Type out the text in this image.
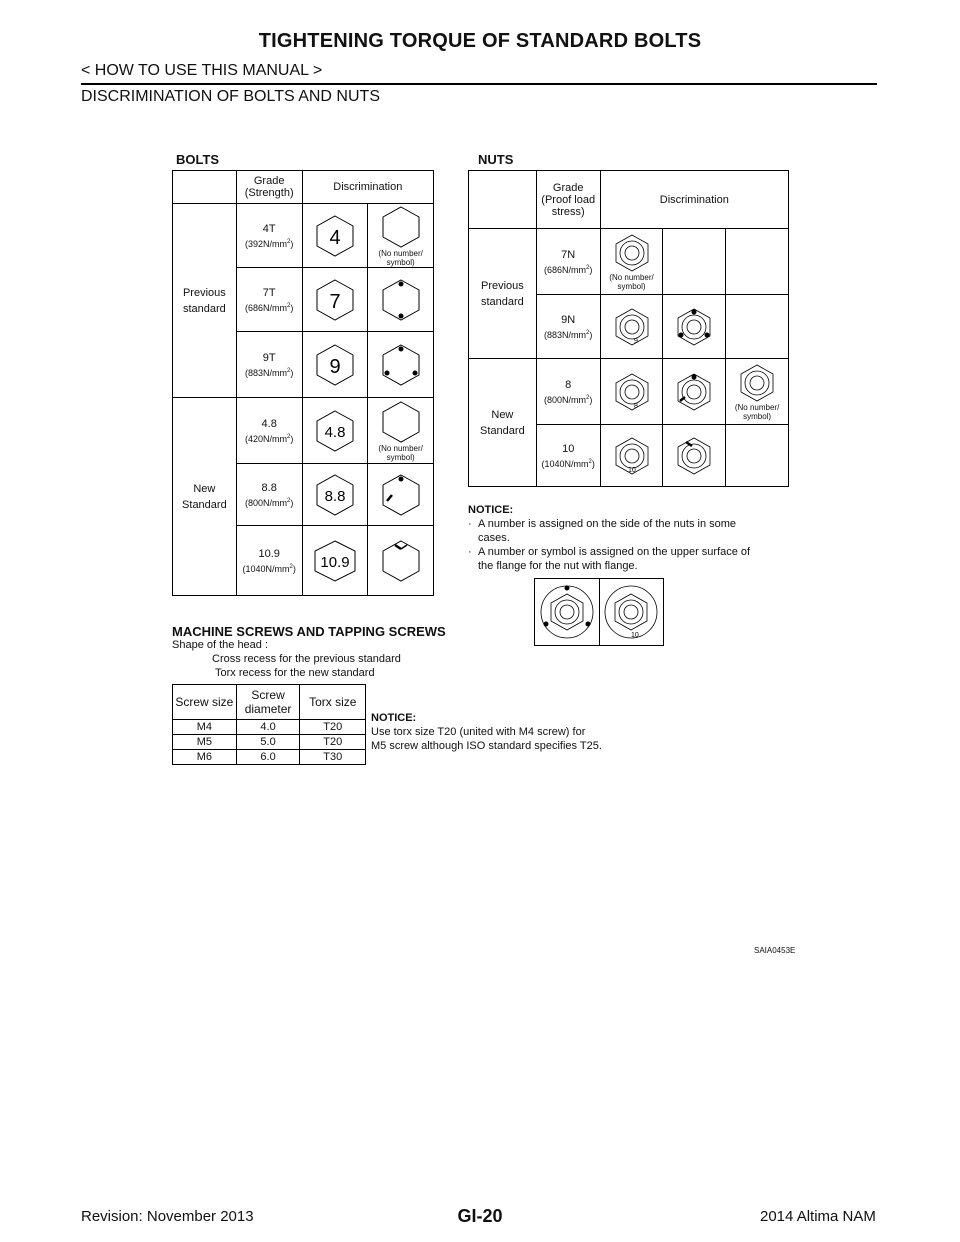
TIGHTENING TORQUE OF STANDARD BOLTS
< HOW TO USE THIS MANUAL >
DISCRIMINATION OF BOLTS AND NUTS
BOLTS
	Grade (Strength)	Discrimination	
Previous standard	4T
$(392N/mm^2)$	4	(No number/ symbol)

	7T
$(686N/mm^2)$	7

	9T
$(883N/mm^2)$	9

New Standard	4.8
$(420N/mm^2)$	4.8	(No number/ symbol)

	8.8
$(800N/mm^2)$	8.8

	10.9
$(1040N/mm^2)$	10.9

NUTS
	Grade (Proof load stress)	Discrimination		
Previous standard	7N
$(686N/mm^2)$	(No number/ symbol)		

	9N
$(883N/mm^2)$	9

New Standard	8
$(800N/mm^2)$	8		(No number/ symbol)

	10
$(1040N/mm^2)$	10

NOTICE:
· A number is assigned on the side of the nuts in some cases.
· A number or symbol is assigned on the upper surface of the flange for the nut with flange.
10
MACHINE SCREWS AND TAPPING SCREWS
Shape of the head :
Cross recess for the previous standard
Torx recess for the new standard
Screw size	Screw diameter	Torx size
M4	4.0	T20
M5	5.0	T20
M6	6.0	T30
NOTICE:
Use torx size T20 (united with M4 screw) for
M5 screw although ISO standard specifies T25.
SAIA0453E
Revision: November 2013	GI-20	2014 Altima NAM
